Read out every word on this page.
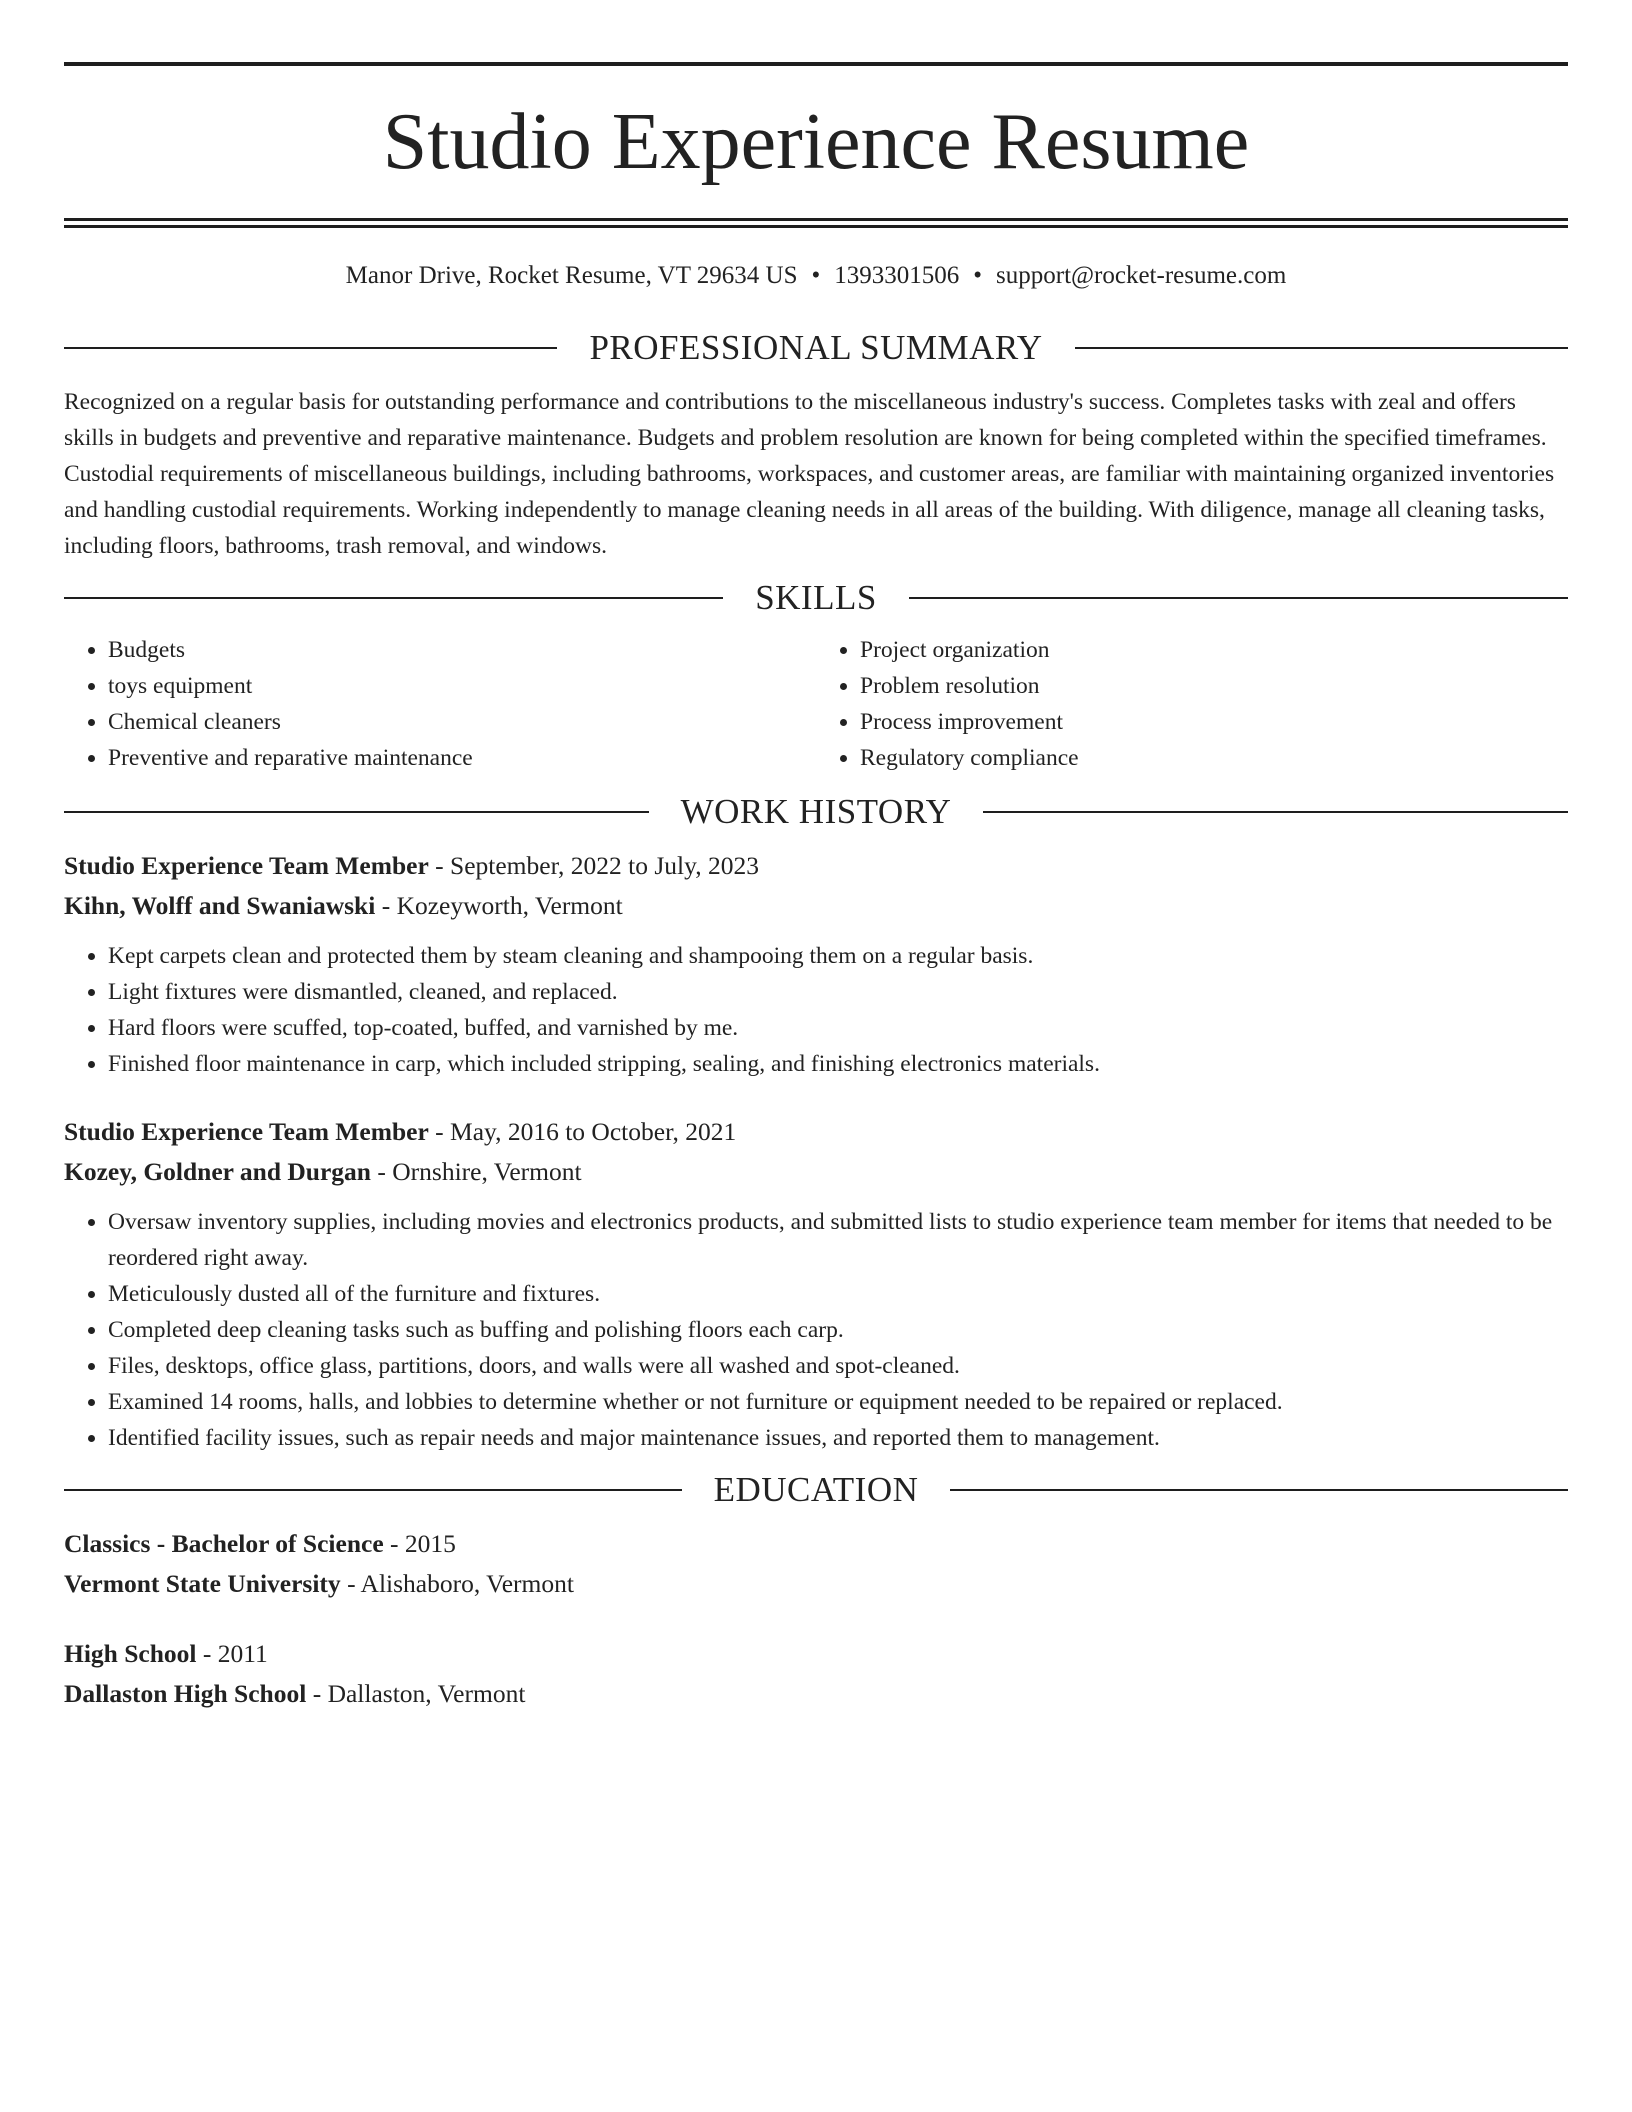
Studio Experience Resume
Manor Drive, Rocket Resume, VT 29634 US • 1393301506 • support@rocket-resume.com
PROFESSIONAL SUMMARY

Recognized on a regular basis for outstanding performance and contributions to the miscellaneous industry's success. Completes tasks with zeal and offers skills in budgets and preventive and reparative maintenance. Budgets and problem resolution are known for being completed within the specified timeframes. Custodial requirements of miscellaneous buildings, including bathrooms, workspaces, and customer areas, are familiar with maintaining organized inventories and handling custodial requirements. Working independently to manage cleaning needs in all areas of the building. With diligence, manage all cleaning tasks, including floors, bathrooms, trash removal, and windows.

SKILLS
• Budgets
• toys equipment
• Chemical cleaners
• Preventive and reparative maintenance
• Project organization
• Problem resolution
• Process improvement
• Regulatory compliance
WORK HISTORY
Studio Experience Team Member - September, 2022 to July, 2023
Kihn, Wolff and Swaniawski - Kozeyworth, Vermont
• Kept carpets clean and protected them by steam cleaning and shampooing them on a regular basis.
• Light fixtures were dismantled, cleaned, and replaced.
• Hard floors were scuffed, top-coated, buffed, and varnished by me.
• Finished floor maintenance in carp, which included stripping, sealing, and finishing electronics materials.
Studio Experience Team Member - May, 2016 to October, 2021
Kozey, Goldner and Durgan - Ornshire, Vermont
• Oversaw inventory supplies, including movies and electronics products, and submitted lists to studio experience team member for items that needed to be reordered right away.
• Meticulously dusted all of the furniture and fixtures.
• Completed deep cleaning tasks such as buffing and polishing floors each carp.
• Files, desktops, office glass, partitions, doors, and walls were all washed and spot-cleaned.
• Examined 14 rooms, halls, and lobbies to determine whether or not furniture or equipment needed to be repaired or replaced.
• Identified facility issues, such as repair needs and major maintenance issues, and reported them to management.
EDUCATION
Classics - Bachelor of Science - 2015
Vermont State University - Alishaboro, Vermont
High School - 2011
Dallaston High School - Dallaston, Vermont
